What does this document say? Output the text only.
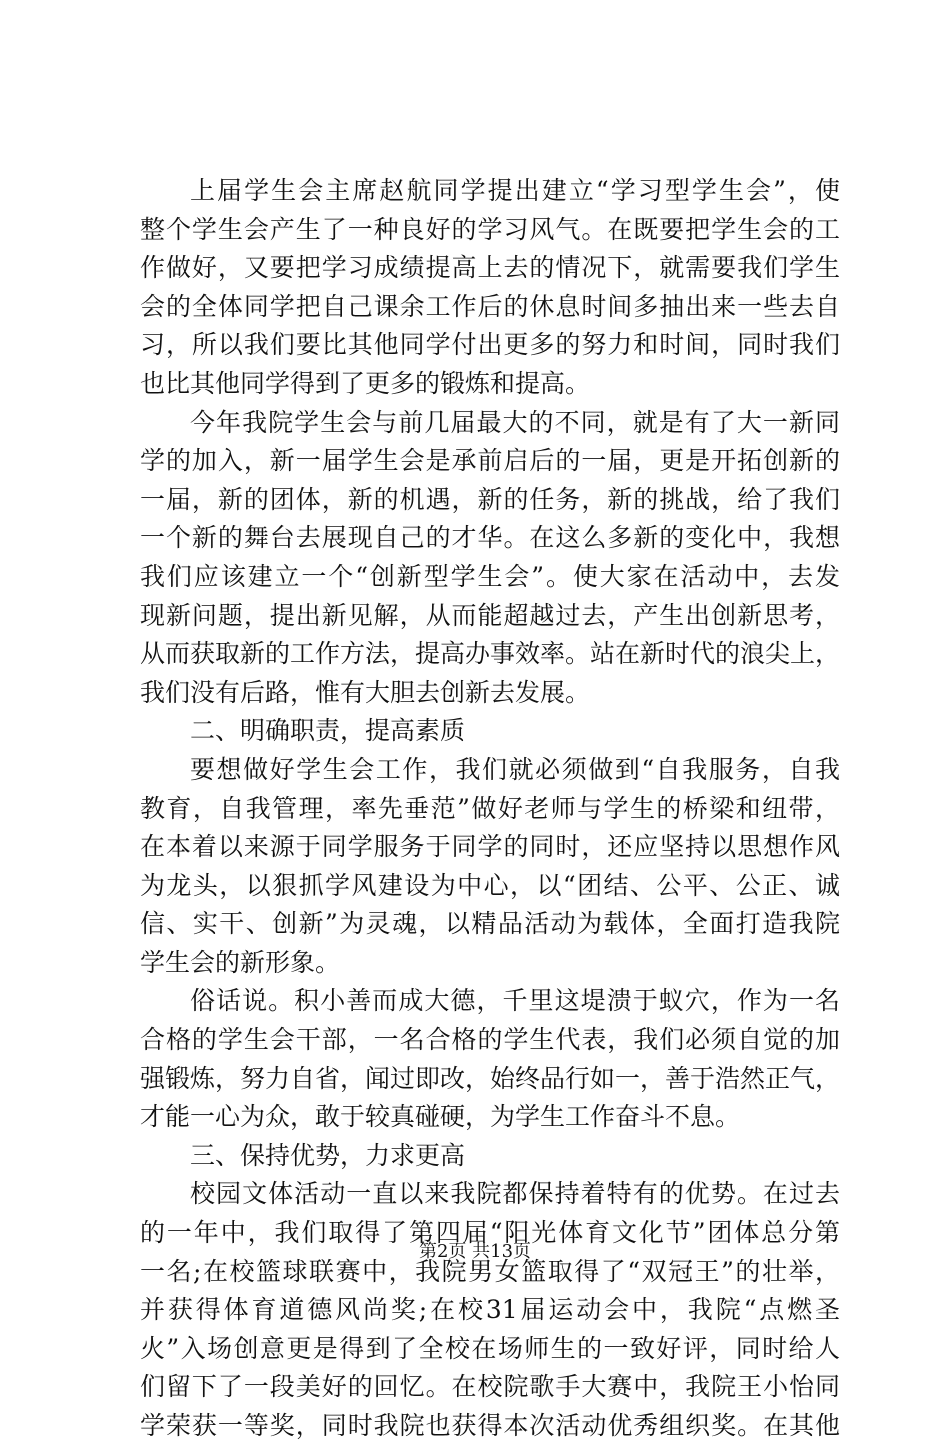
上届学生会主席赵航同学提出建立“学习型学生会”，使
整个学生会产生了一种良好的学习风气。在既要把学生会的工
作做好，又要把学习成绩提高上去的情况下，就需要我们学生
会的全体同学把自己课余工作后的休息时间多抽出来一些去自
习，所以我们要比其他同学付出更多的努力和时间，同时我们
也比其他同学得到了更多的锻炼和提高。
今年我院学生会与前几届最大的不同，就是有了大一新同
学的加入，新一届学生会是承前启后的一届，更是开拓创新的
一届，新的团体，新的机遇，新的任务，新的挑战，给了我们
一个新的舞台去展现自己的才华。在这么多新的变化中，我想
我们应该建立一个“创新型学生会”。使大家在活动中，去发
现新问题，提出新见解，从而能超越过去，产生出创新思考，
从而获取新的工作方法，提高办事效率。站在新时代的浪尖上，
我们没有后路，惟有大胆去创新去发展。
二、明确职责，提高素质
要想做好学生会工作，我们就必须做到“自我服务，自我
教育，自我管理，率先垂范”做好老师与学生的桥梁和纽带，
在本着以来源于同学服务于同学的同时，还应坚持以思想作风
为龙头，以狠抓学风建设为中心，以“团结、公平、公正、诚
信、实干、创新”为灵魂，以精品活动为载体，全面打造我院
学生会的新形象。
俗话说。积小善而成大德，千里这堤溃于蚁穴，作为一名
合格的学生会干部，一名合格的学生代表，我们必须自觉的加
强锻炼，努力自省，闻过即改，始终品行如一，善于浩然正气，
才能一心为众，敢于较真碰硬，为学生工作奋斗不息。
三、保持优势，力求更高
校园文体活动一直以来我院都保持着特有的优势。在过去
的一年中，我们取得了第四届“阳光体育文化节”团体总分第
一名;在校篮球联赛中，我院男女篮取得了“双冠王”的壮举，
并获得体育道德风尚奖;在校31届运动会中，我院“点燃圣
火”入场创意更是得到了全校在场师生的一致好评，同时给人
们留下了一段美好的回忆。在校院歌手大赛中，我院王小怡同
学荣获一等奖，同时我院也获得本次活动优秀组织奖。在其他
第2页 共13页
